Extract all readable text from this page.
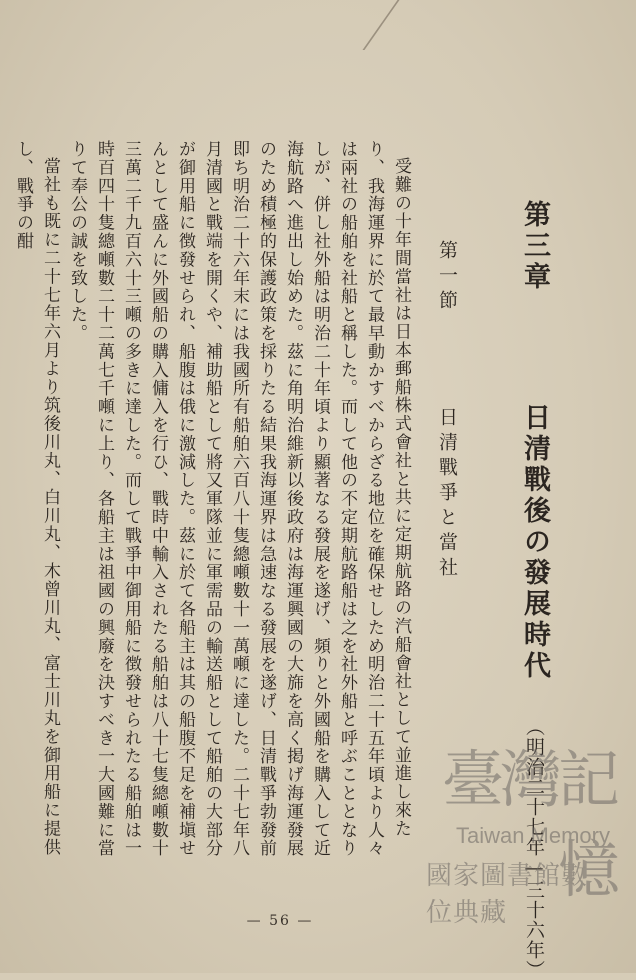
第三章  日清戰後の發展時代 （明治二十七年—三十六年）
第一節  日清戰爭と當社

受難の十年間當社は日本郵船株式會社と共に定期航路の汽船會社として並進し來たり、我海運界に於て最早動かすべからざる地位を確保せしため明治二十五年頃より人々は兩社の船舶を社船と稱した。而して他の不定期航路船は之を社外船と呼ぶこととなりしが、併し社外船は明治二十年頃より顯著なる發展を遂げ、頻りと外國船を購入して近海航路へ進出し始めた。茲に角明治維新以後政府は海運興國の大旆を高く掲げ海運發展のため積極的保護政策を採りたる結果我海運界は急速なる發展を遂げ、日清戰爭勃發前即ち明治二十六年末には我國所有船舶六百八十隻總噸數十一萬噸に達した。二十七年八月清國と戰端を開くや、補助船として將又軍隊並に軍需品の輸送船として船舶の大部分が御用船に徴發せられ、船腹は俄に激減した。茲に於て各船主は其の船腹不足を補塡せんとして盛んに外國船の購入傭入を行ひ、戰時中輸入されたる船舶は八十七隻總噸數十三萬二千九百六十三噸の多きに達した。而して戰爭中御用船に徴發せられたる船舶は一時百四十隻總噸數二十二萬七千噸に上り、各船主は祖國の興廢を決すべき一大國難に當りて奉公の誠を致した。

當社も既に二十七年六月より筑後川丸、白川丸、木曾川丸、富士川丸を御用船に提供し、戰爭の酣

— 56 —
臺灣記憶
Taiwan Memory
國家圖書館數位典藏
